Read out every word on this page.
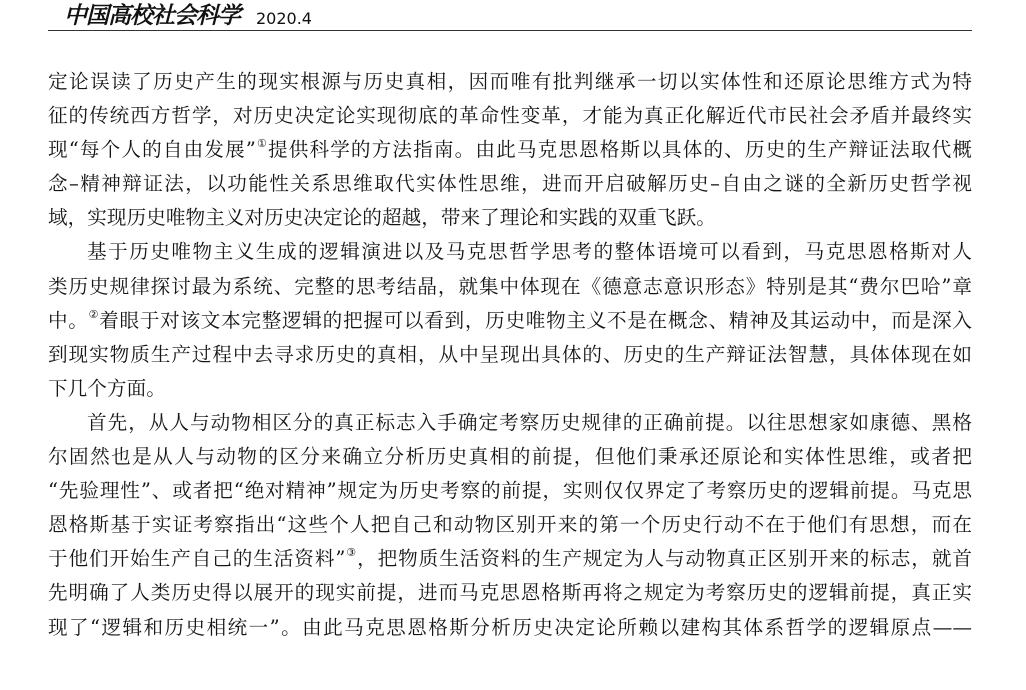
中国高校社会科学 2020.4

定论误读了历史产生的现实根源与历史真相，因而唯有批判继承一切以实体性和还原论思维方式为特
征的传统西方哲学，对历史决定论实现彻底的革命性变革，才能为真正化解近代市民社会矛盾并最终实
现“每个人的自由发展”①提供科学的方法指南。由此马克思恩格斯以具体的、历史的生产辩证法取代概
念–精神辩证法，以功能性关系思维取代实体性思维，进而开启破解历史–自由之谜的全新历史哲学视
域，实现历史唯物主义对历史决定论的超越，带来了理论和实践的双重飞跃。

基于历史唯物主义生成的逻辑演进以及马克思哲学思考的整体语境可以看到，马克思恩格斯对人
类历史规律探讨最为系统、完整的思考结晶，就集中体现在《德意志意识形态》特别是其“费尔巴哈”章
中。②着眼于对该文本完整逻辑的把握可以看到，历史唯物主义不是在概念、精神及其运动中，而是深入
到现实物质生产过程中去寻求历史的真相，从中呈现出具体的、历史的生产辩证法智慧，具体体现在如
下几个方面。

首先，从人与动物相区分的真正标志入手确定考察历史规律的正确前提。以往思想家如康德、黑格
尔固然也是从人与动物的区分来确立分析历史真相的前提，但他们秉承还原论和实体性思维，或者把
“先验理性”、或者把“绝对精神”规定为历史考察的前提，实则仅仅界定了考察历史的逻辑前提。马克思
恩格斯基于实证考察指出“这些个人把自己和动物区别开来的第一个历史行动不在于他们有思想，而在
于他们开始生产自己的生活资料”③，把物质生活资料的生产规定为人与动物真正区别开来的标志，就首
先明确了人类历史得以展开的现实前提，进而马克思恩格斯再将之规定为考察历史的逻辑前提，真正实
现了“逻辑和历史相统一”。由此马克思恩格斯分析历史决定论所赖以建构其体系哲学的逻辑原点——
